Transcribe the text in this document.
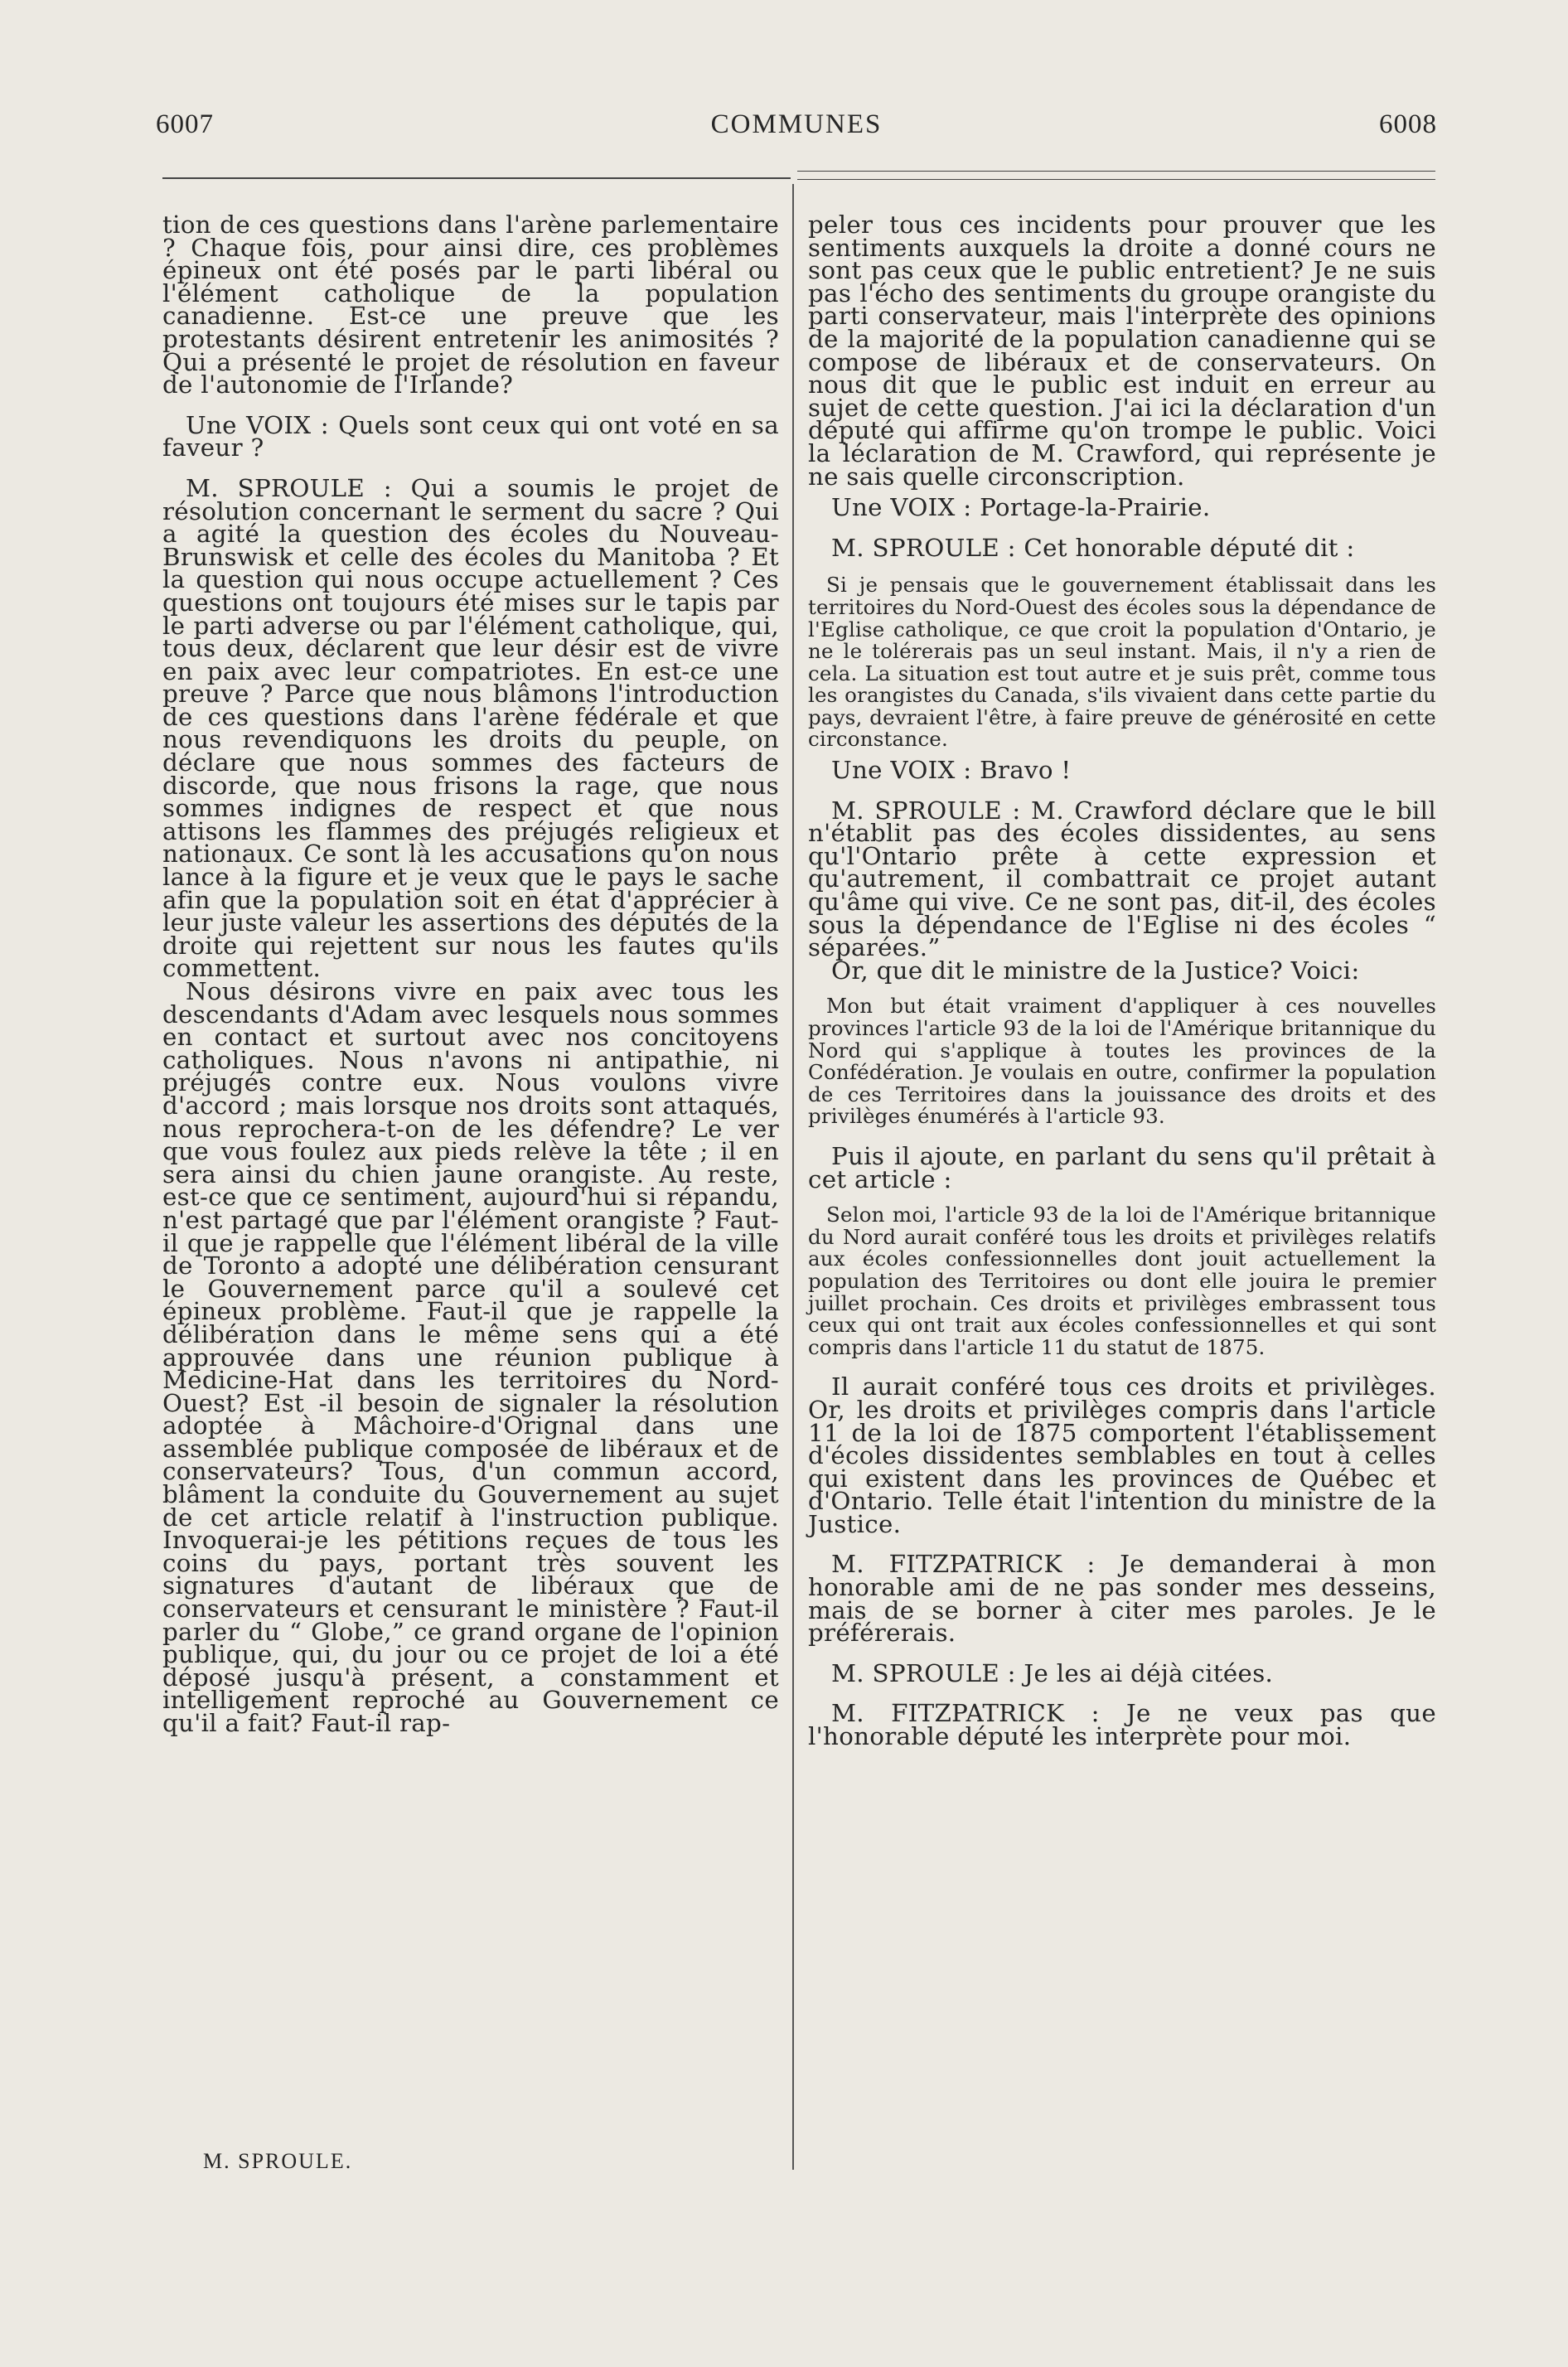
6007	COMMUNES	6008

tion de ces questions dans l'arène parlementaire ? Chaque fois, pour ainsi dire, ces problèmes épineux ont été posés par le parti libéral ou l'élément catholique de la population canadienne. Est-ce une preuve que les protestants désirent entretenir les animosités ? Qui a présenté le projet de résolution en faveur de l'autonomie de l'Irlande?

Une VOIX : Quels sont ceux qui ont voté en sa faveur ?

M. SPROULE : Qui a soumis le projet de résolution concernant le serment du sacre ? Qui a agité la question des écoles du Nouveau-Brunswisk et celle des écoles du Manitoba ? Et la question qui nous occupe actuellement ? Ces questions ont toujours été mises sur le tapis par le parti adverse ou par l'élément catholique, qui, tous deux, déclarent que leur désir est de vivre en paix avec leur compatriotes. En est-ce une preuve ? Parce que nous blâmons l'introduction de ces questions dans l'arène fédérale et que nous revendiquons les droits du peuple, on déclare que nous sommes des facteurs de discorde, que nous frisons la rage, que nous sommes indignes de respect et que nous attisons les flammes des préjugés religieux et nationaux. Ce sont là les accusations qu'on nous lance à la figure et je veux que le pays le sache afin que la population soit en état d'apprécier à leur juste valeur les assertions des députés de la droite qui rejettent sur nous les fautes qu'ils commettent.

Nous désirons vivre en paix avec tous les descendants d'Adam avec lesquels nous sommes en contact et surtout avec nos concitoyens catholiques. Nous n'avons ni antipathie, ni préjugés contre eux. Nous voulons vivre d'accord ; mais lorsque nos droits sont attaqués, nous reprochera-t-on de les défendre? Le ver que vous foulez aux pieds relève la tête ; il en sera ainsi du chien jaune orangiste. Au reste, est-ce que ce sentiment, aujourd'hui si répandu, n'est partagé que par l'élément orangiste ? Faut-il que je rappelle que l'élément libéral de la ville de Toronto a adopté une délibération censurant le Gouvernement parce qu'il a soulevé cet épineux problème. Faut-il que je rappelle la délibération dans le même sens qui a été approuvée dans une réunion publique à Medicine-Hat dans les territoires du Nord-Ouest? Est -il besoin de signaler la résolution adoptée à Mâchoire-d'Orignal dans une assemblée publique composée de libéraux et de conservateurs? Tous, d'un commun accord, blâment la conduite du Gouvernement au sujet de cet article relatif à l'instruction publique. Invoquerai-je les pétitions reçues de tous les coins du pays, portant très souvent les signatures d'autant de libéraux que de conservateurs et censurant le ministère ? Faut-il parler du “ Globe,” ce grand organe de l'opinion publique, qui, du jour ou ce projet de loi a été déposé jusqu'à présent, a constamment et intelligement reproché au Gouvernement ce qu'il a fait? Faut-il rap-

M. SPROULE.

peler tous ces incidents pour prouver que les sentiments auxquels la droite a donné cours ne sont pas ceux que le public entretient? Je ne suis pas l'écho des sentiments du groupe orangiste du parti conservateur, mais l'interprète des opinions de la majorité de la population canadienne qui se compose de libéraux et de conservateurs. On nous dit que le public est induit en erreur au sujet de cette question. J'ai ici la déclaration d'un député qui affirme qu'on trompe le public. Voici la léclaration de M. Crawford, qui représente je ne sais quelle circonscription.

Une VOIX : Portage-la-Prairie.

M. SPROULE : Cet honorable député dit :

Si je pensais que le gouvernement établissait dans les territoires du Nord-Ouest des écoles sous la dépendance de l'Eglise catholique, ce que croit la population d'Ontario, je ne le tolérerais pas un seul instant. Mais, il n'y a rien de cela. La situation est tout autre et je suis prêt, comme tous les orangistes du Canada, s'ils vivaient dans cette partie du pays, devraient l'être, à faire preuve de générosité en cette circonstance.

Une VOIX : Bravo !

M. SPROULE : M. Crawford déclare que le bill n'établit pas des écoles dissidentes, au sens qu'l'Ontario prête à cette expression et qu'autrement, il combattrait ce projet autant qu'âme qui vive. Ce ne sont pas, dit-il, des écoles sous la dépendance de l'Eglise ni des écoles “ séparées.”

Or, que dit le ministre de la Justice? Voici:

Mon but était vraiment d'appliquer à ces nouvelles provinces l'article 93 de la loi de l'Amérique britannique du Nord qui s'applique à toutes les provinces de la Confédération. Je voulais en outre, confirmer la population de ces Territoires dans la jouissance des droits et des privilèges énumérés à l'article 93.

Puis il ajoute, en parlant du sens qu'il prêtait à cet article :

Selon moi, l'article 93 de la loi de l'Amérique britannique du Nord aurait conféré tous les droits et privilèges relatifs aux écoles confessionnelles dont jouit actuellement la population des Territoires ou dont elle jouira le premier juillet prochain. Ces droits et privilèges embrassent tous ceux qui ont trait aux écoles confessionnelles et qui sont compris dans l'article 11 du statut de 1875.

Il aurait conféré tous ces droits et privilèges. Or, les droits et privilèges compris dans l'article 11 de la loi de 1875 comportent l'établissement d'écoles dissidentes semblables en tout à celles qui existent dans les provinces de Québec et d'Ontario. Telle était l'intention du ministre de la Justice.

M. FITZPATRICK : Je demanderai à mon honorable ami de ne pas sonder mes desseins, mais de se borner à citer mes paroles. Je le préférerais.

M. SPROULE : Je les ai déjà citées.

M. FITZPATRICK : Je ne veux pas que l'honorable député les interprète pour moi.
